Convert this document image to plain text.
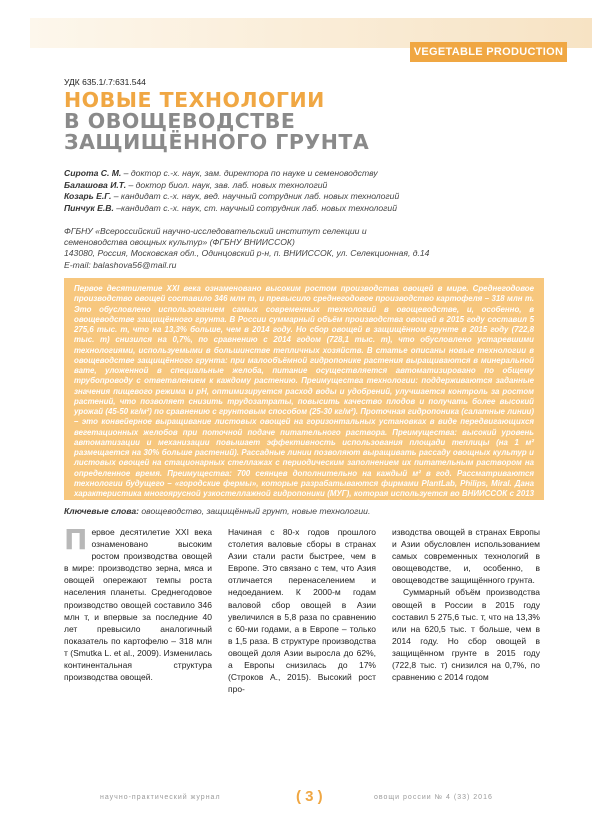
VEGETABLE PRODUCTION
УДК 635.1/.7:631.544
НОВЫЕ ТЕХНОЛОГИИ
В ОВОЩЕВОДСТВЕ
ЗАЩИЩЁННОГО ГРУНТА
Сирота С. М. – доктор с.-х. наук, зам. директора по науке и семеноводству
Балашова И.Т. – доктор биол. наук, зав. лаб. новых технологий
Козарь Е.Г. – кандидат с.-х. наук, вед. научный сотрудник лаб. новых технологий
Пинчук Е.В. –кандидат с.-х. наук, ст. научный сотрудник лаб. новых технологий
ФГБНУ «Всероссийский научно-исследовательский институт селекции и
семеноводства овощных культур» (ФГБНУ ВНИИССОК)
143080, Россия, Московская обл., Одинцовский р-н, п. ВНИИССОК, ул. Селекционная, д.14
E-mail: balashova56@mail.ru
Первое десятилетие XXI века ознаменовано высоким ростом производства овощей в мире. Среднегодовое производство овощей составило 346 млн т, и превысило среднегодовое производство картофеля – 318 млн т. Это обусловлено использованием самых современных технологий в овощеводстве, и, особенно, в овощеводстве защищённого грунта. В России суммарный объём производства овощей в 2015 году составил 5 275,6 тыс. т, что на 13,3% больше, чем в 2014 году. Но сбор овощей в защищённом грунте в 2015 году (722,8 тыс. т) снизился на 0,7%, по сравнению с 2014 годом (728,1 тыс. т), что обусловлено устаревшими технологиями, используемыми в большинстве тепличных хозяйств. В статье описаны новые технологии в овощеводстве защищённого грунта: при малообъёмной гидропонике растения выращиваются в минеральной вате, уложенной в специальные желоба, питание осуществляется автоматизировано по общему трубопроводу с ответвлением к каждому растению. Преимущества технологии: поддерживаются заданные значения пищевого режима и pH, оптимизируется расход воды и удобрений, улучшается контроль за ростом растений, что позволяет снизить трудозатраты, повысить качество плодов и получать более высокий урожай (45-50 кг/м²) по сравнению с грунтовым способом (25-30 кг/м²). Проточная гидропоника (салатные линии) – это конвейерное выращивание листовых овощей на горизонтальных установках в виде передвигающихся вегетационных желобов при поточной подаче питательного раствора. Преимущества: высокий уровень автоматизации и механизации повышает эффективность использования площади теплицы (на 1 м² размещается на 30% больше растений). Рассадные линии позволяют выращивать рассаду овощных культур и листовых овощей на стационарных стеллажах с периодическим заполнением их питательным раствором на определенное время. Преимущества: 700 сеянцев дополнительно на каждый м² в год. Рассматриваются технологии будущего – «городские фермы», которые разрабатываются фирмами PlantLab, Philips, Miral. Дана характеристика многоярусной узкостеллажной гидропоники (МУГ), которая используется во ВНИИССОК с 2013
Ключевые слова: овощеводство, защищённый грунт, новые технологии.
П ервое десятилетие XXI века ознаменовано высоким ростом производства овощей в мире: производство зерна, мяса и овощей опережают темпы роста населения планеты. Среднегодовое производство овощей составило 346 млн т, и впервые за последние 40 лет превысило аналогичный показатель по картофелю – 318 млн т (Smutka L. et al., 2009). Изменилась континентальная структура производства овощей.

Начиная с 80-х годов прошлого столетия валовые сборы в странах Азии стали расти быстрее, чем в Европе. Это связано с тем, что Азия отличается перенаселением и недоеданием. К 2000-м годам валовой сбор овощей в Азии увеличился в 5,8 раза по сравнению с 60-ми годами, а в Европе – только в 1,5 раза. В структуре производства овощей доля Азии выросла до 62%, а Европы снизилась до 17% (Строков А., 2015). Высокий рост про-

изводства овощей в странах Европы и Азии обусловлен использованием самых современных технологий в овощеводстве, и, особенно, в овощеводстве защищённого грунта.

Суммарный объём производства овощей в России в 2015 году составил 5 275,6 тыс. т, что на 13,3% или на 620,5 тыс. т больше, чем в 2014 году. Но сбор овощей в защищённом грунте в 2015 году (722,8 тыс. т) снизился на 0,7%, по сравнению с 2014 годом

научно-практический журнал	( 3 )	овощи россии № 4 (33) 2016
